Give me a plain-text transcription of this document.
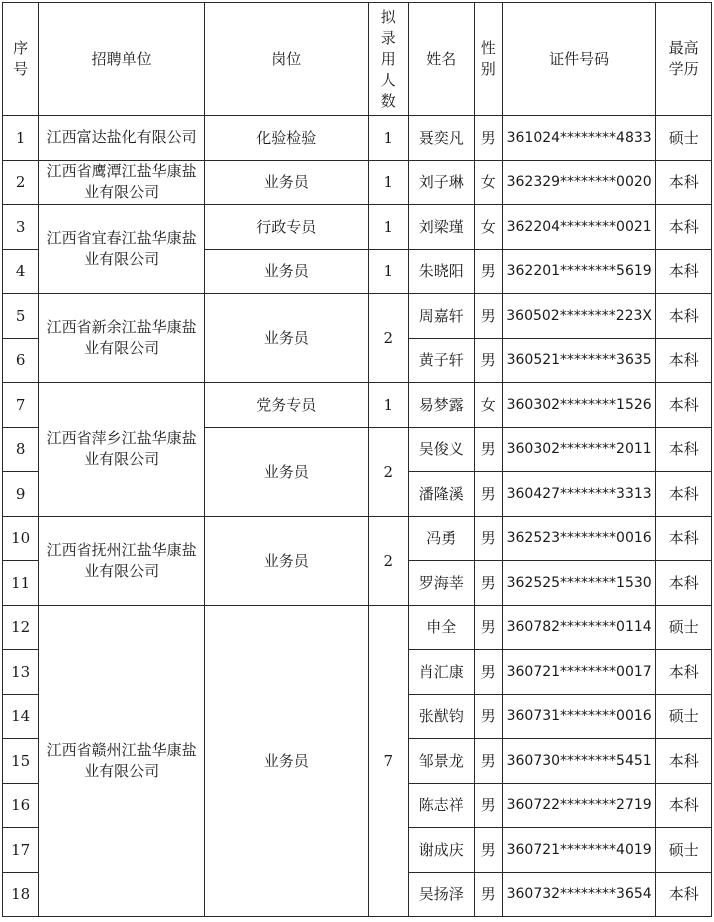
序号	招聘单位	岗位	拟录用人数	姓名	性别	证件号码	最高学历
1	江西富达盐化有限公司	化验检验	1	聂奕凡	男	361024********4833	硕士
2	江西省鹰潭江盐华康盐业有限公司	业务员	1	刘子琳	女	362329********0020	本科
3	江西省宜春江盐华康盐业有限公司	行政专员	1	刘梁瑾	女	362204********0021	本科
4		业务员	1	朱晓阳	男	362201********5619	本科
5	江西省新余江盐华康盐业有限公司	业务员	2	周嘉轩	男	360502********223X	本科
6				黄子轩	男	360521********3635	本科
7	江西省萍乡江盐华康盐业有限公司	党务专员	1	易梦露	女	360302********1526	本科
8		业务员	2	吴俊义	男	360302********2011	本科
9				潘隆溪	男	360427********3313	本科
10	江西省抚州江盐华康盐业有限公司	业务员	2	冯勇	男	362523********0016	本科
11				罗海莘	男	362525********1530	本科
12	江西省赣州江盐华康盐业有限公司	业务员	7	申全	男	360782********0114	硕士
13				肖汇康	男	360721********0017	本科
14				张猷钧	男	360731********0016	硕士
15				邹景龙	男	360730********5451	本科
16				陈志祥	男	360722********2719	本科
17				谢成庆	男	360721********4019	硕士
18				吴扬泽	男	360732********3654	本科
